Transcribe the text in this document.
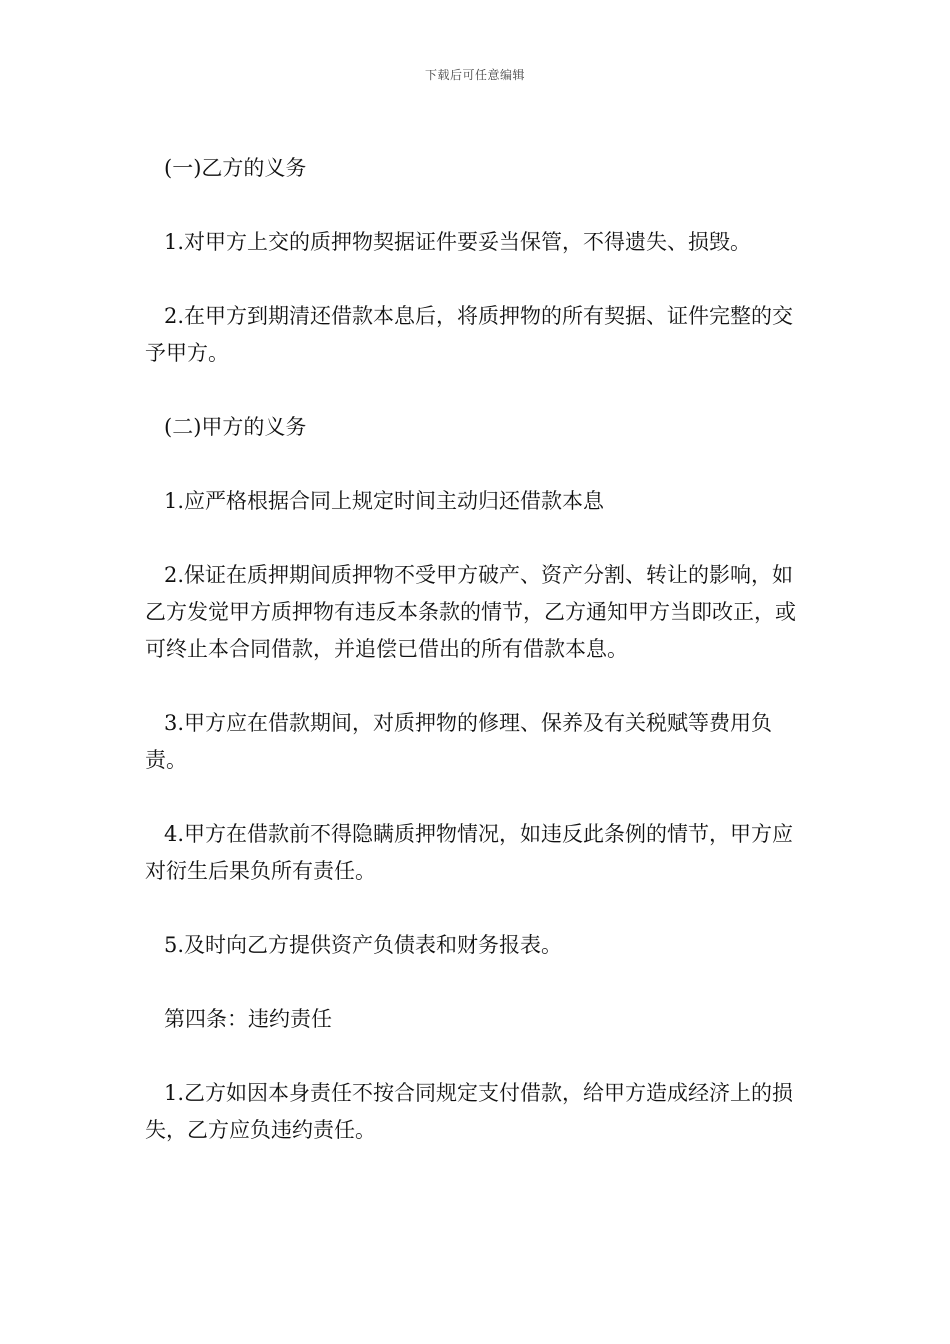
下载后可任意编辑

(一)乙方的义务

1.对甲方上交的质押物契据证件要妥当保管，不得遗失、损毁。

2.在甲方到期清还借款本息后，将质押物的所有契据、证件完整的交予甲方。

(二)甲方的义务

1.应严格根据合同上规定时间主动归还借款本息

2.保证在质押期间质押物不受甲方破产、资产分割、转让的影响，如乙方发觉甲方质押物有违反本条款的情节，乙方通知甲方当即改正，或可终止本合同借款，并追偿已借出的所有借款本息。

3.甲方应在借款期间，对质押物的修理、保养及有关税赋等费用负责。

4.甲方在借款前不得隐瞒质押物情况，如违反此条例的情节，甲方应对衍生后果负所有责任。

5.及时向乙方提供资产负债表和财务报表。

第四条：违约责任

1.乙方如因本身责任不按合同规定支付借款，给甲方造成经济上的损失，乙方应负违约责任。
